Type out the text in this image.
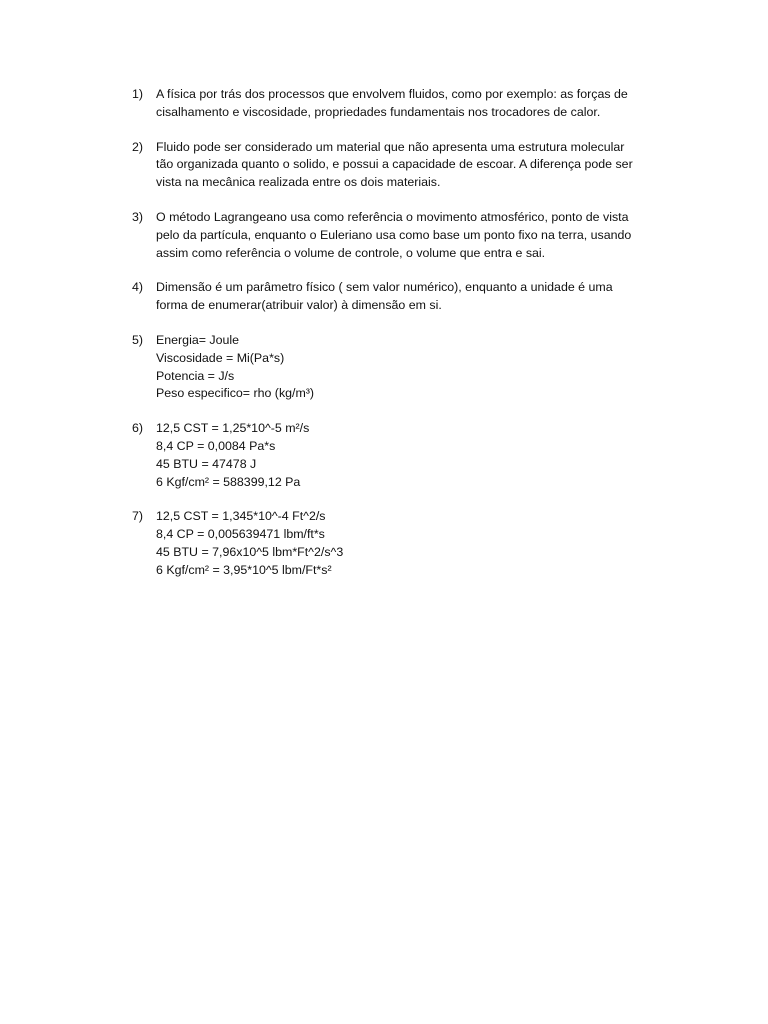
1)	A física por trás dos processos que envolvem fluidos, como por exemplo: as forças de
cisalhamento e viscosidade, propriedades fundamentais nos trocadores de calor.
2)	Fluido pode ser considerado um material que não apresenta uma estrutura molecular
tão organizada quanto o solido, e possui a capacidade de escoar. A diferença pode ser
vista na mecânica realizada entre os dois materiais.
3)	O método Lagrangeano usa como referência o movimento atmosférico, ponto de vista
pelo da partícula, enquanto o Euleriano usa como base um ponto fixo na terra, usando
assim como referência o volume de controle, o volume que entra e sai.
4)	Dimensão é um parâmetro físico ( sem valor numérico), enquanto a unidade é uma
forma de enumerar(atribuir valor) à dimensão em si.
5)	Energia= Joule
Viscosidade = Mi(Pa*s)
Potencia = J/s
Peso especifico= rho (kg/m³)
6)	12,5 CST = 1,25*10^-5 m²/s
8,4 CP = 0,0084 Pa*s
45 BTU = 47478 J
6 Kgf/cm² = 588399,12 Pa
7)	12,5 CST = 1,345*10^-4 Ft^2/s
8,4 CP = 0,005639471 lbm/ft*s
45 BTU = 7,96x10^5 lbm*Ft^2/s^3
6 Kgf/cm² = 3,95*10^5 lbm/Ft*s²
